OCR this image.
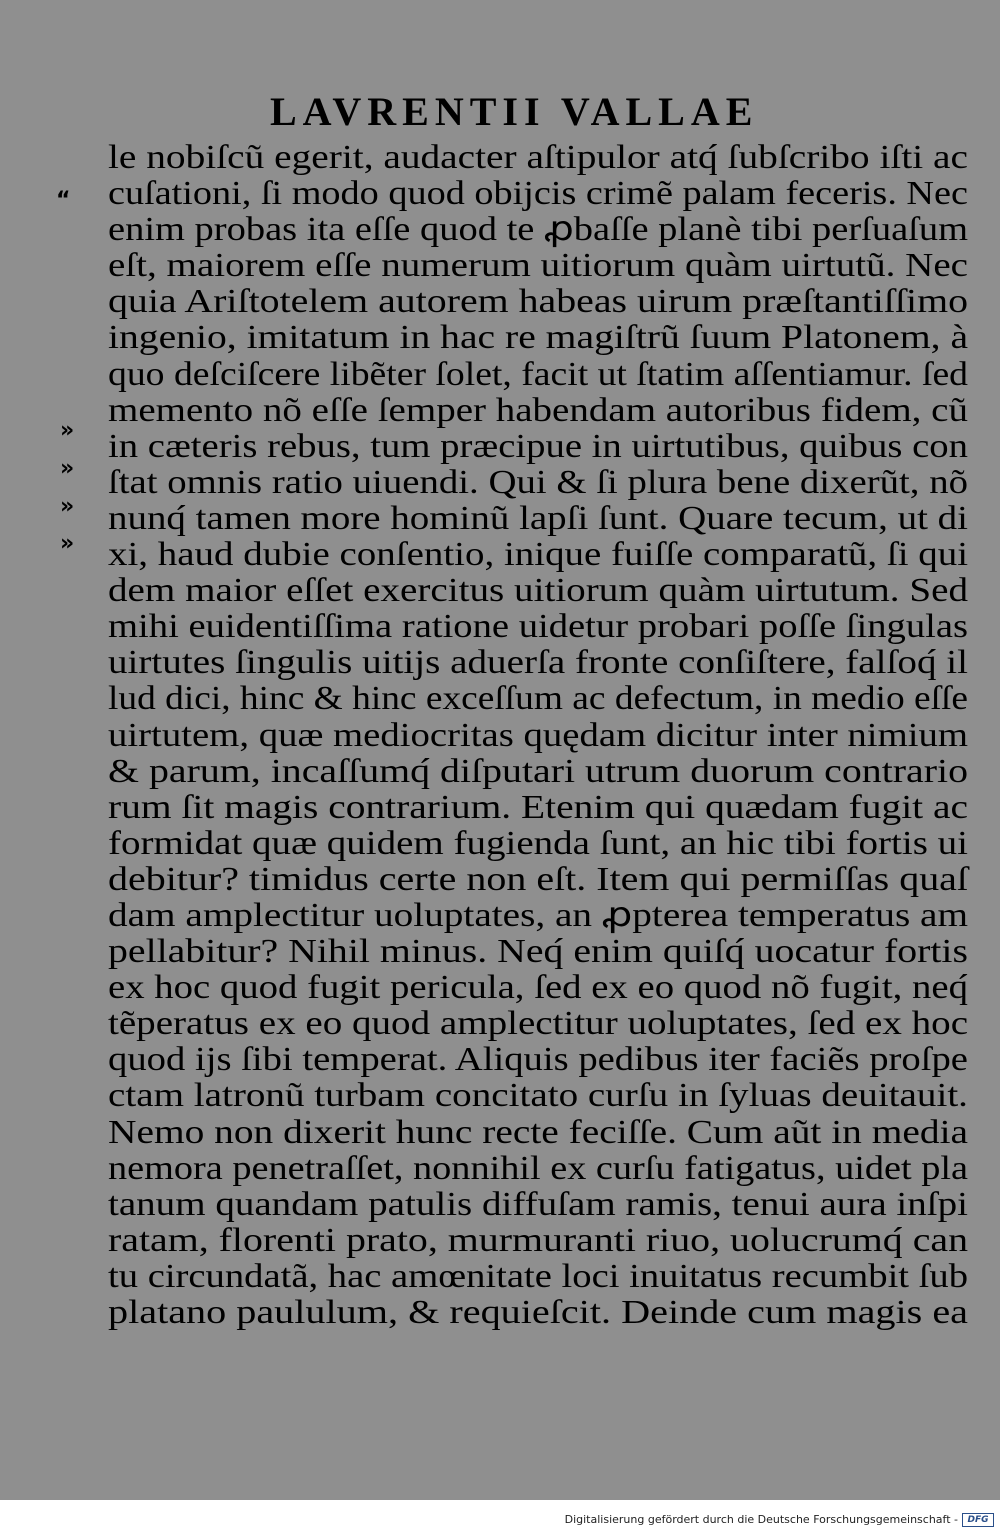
LAVRENTII VALLAE
“
»
»
»
»
le nobiſcũ egerit, audacter aſtipulor atq́ ſubſcribo iſti ac
cuſationi, ſi modo quod obijcis crimẽ palam feceris. Nec
enim probas ita eſſe quod te ꝓbaſſe planè tibi perſuaſum
eſt, maiorem eſſe numerum uitiorum quàm uirtutũ. Nec
quia Ariſtotelem autorem habeas uirum præſtantiſſimo
ingenio, imitatum in hac re magiſtrũ ſuum Platonem, à
quo deſciſcere libẽter ſolet, facit ut ſtatim aſſentiamur. ſed
memento nõ eſſe ſemper habendam autoribus fidem, cũ
in cæteris rebus, tum præcipue in uirtutibus, quibus con
ſtat omnis ratio uiuendi. Qui & ſi plura bene dixerũt, nõ
nunq́ tamen more hominũ lapſi ſunt. Quare tecum, ut di
xi, haud dubie conſentio, inique fuiſſe comparatũ, ſi qui
dem maior eſſet exercitus uitiorum quàm uirtutum. Sed
mihi euidentiſſima ratione uidetur probari poſſe ſingulas
uirtutes ſingulis uitijs aduerſa fronte conſiſtere, falſoq́ il
lud dici, hinc & hinc exceſſum ac defectum, in medio eſſe
uirtutem, quæ mediocritas quędam dicitur inter nimium
& parum, incaſſumq́ diſputari utrum duorum contrario
rum ſit magis contrarium. Etenim qui quædam fugit ac
formidat quæ quidem fugienda ſunt, an hic tibi fortis ui
debitur? timidus certe non eſt. Item qui permiſſas quaſ
dam amplectitur uoluptates, an ꝓpterea temperatus am
pellabitur? Nihil minus. Neq́ enim quiſq́ uocatur fortis
ex hoc quod fugit pericula, ſed ex eo quod nõ fugit, neq́
tẽperatus ex eo quod amplectitur uoluptates, ſed ex hoc
quod ijs ſibi temperat. Aliquis pedibus iter faciẽs proſpe
ctam latronũ turbam concitato curſu in ſyluas deuitauit.
Nemo non dixerit hunc recte feciſſe. Cum aũt in media
nemora penetraſſet, nonnihil ex curſu fatigatus, uidet pla
tanum quandam patulis diffuſam ramis, tenui aura inſpi
ratam, florenti prato, murmuranti riuo, uolucrumq́ can
tu circundatã, hac amœnitate loci inuitatus recumbit ſub
platano paululum, & requieſcit. Deinde cum magis ea
Digitalisierung gefördert durch die Deutsche Forschungsgemeinschaft -	DFG
